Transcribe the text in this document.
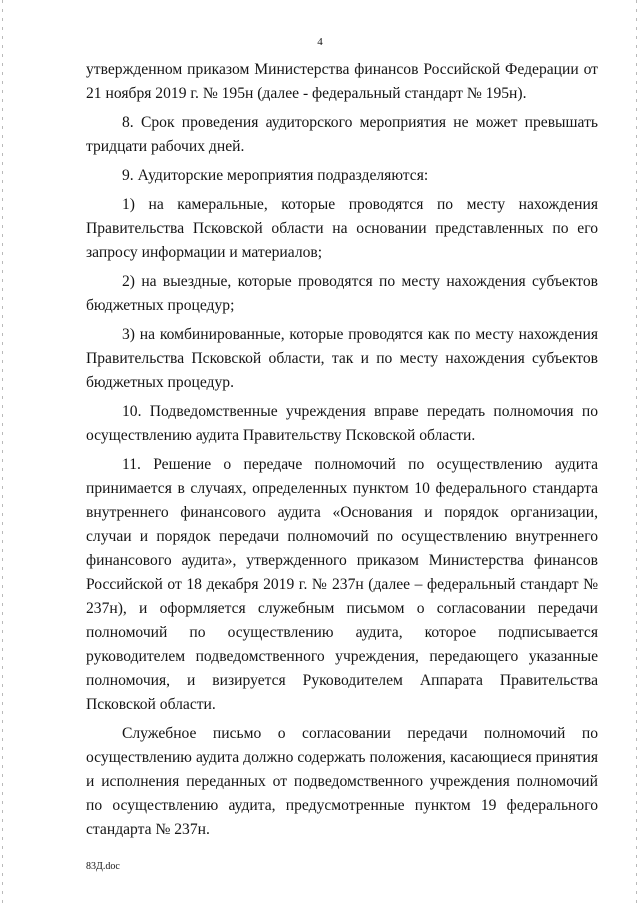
4

утвержденном приказом Министерства финансов Российской Федерации от 21 ноября 2019 г. № 195н (далее - федеральный стандарт № 195н).

8. Срок проведения аудиторского мероприятия не может превышать тридцати рабочих дней.

9. Аудиторские мероприятия подразделяются:

1) на камеральные, которые проводятся по месту нахождения Правительства Псковской области на основании представленных по его запросу информации и материалов;

2) на выездные, которые проводятся по месту нахождения субъектов бюджетных процедур;

3) на комбинированные, которые проводятся как по месту нахождения Правительства Псковской области, так и по месту нахождения субъектов бюджетных процедур.

10. Подведомственные учреждения вправе передать полномочия по осуществлению аудита Правительству Псковской области.

11. Решение о передаче полномочий по осуществлению аудита принимается в случаях, определенных пунктом 10 федерального стандарта внутреннего финансового аудита «Основания и порядок организации, случаи и порядок передачи полномочий по осуществлению внутреннего финансового аудита», утвержденного приказом Министерства финансов Российской от 18 декабря 2019 г. № 237н (далее – федеральный стандарт № 237н), и оформляется служебным письмом о согласовании передачи полномочий по осуществлению аудита, которое подписывается руководителем подведомственного учреждения, передающего указанные полномочия, и визируется Руководителем Аппарата Правительства Псковской области.

Служебное письмо о согласовании передачи полномочий по осуществлению аудита должно содержать положения, касающиеся принятия и исполнения переданных от подведомственного учреждения полномочий по осуществлению аудита, предусмотренные пунктом 19 федерального стандарта № 237н.

83Д.doc
